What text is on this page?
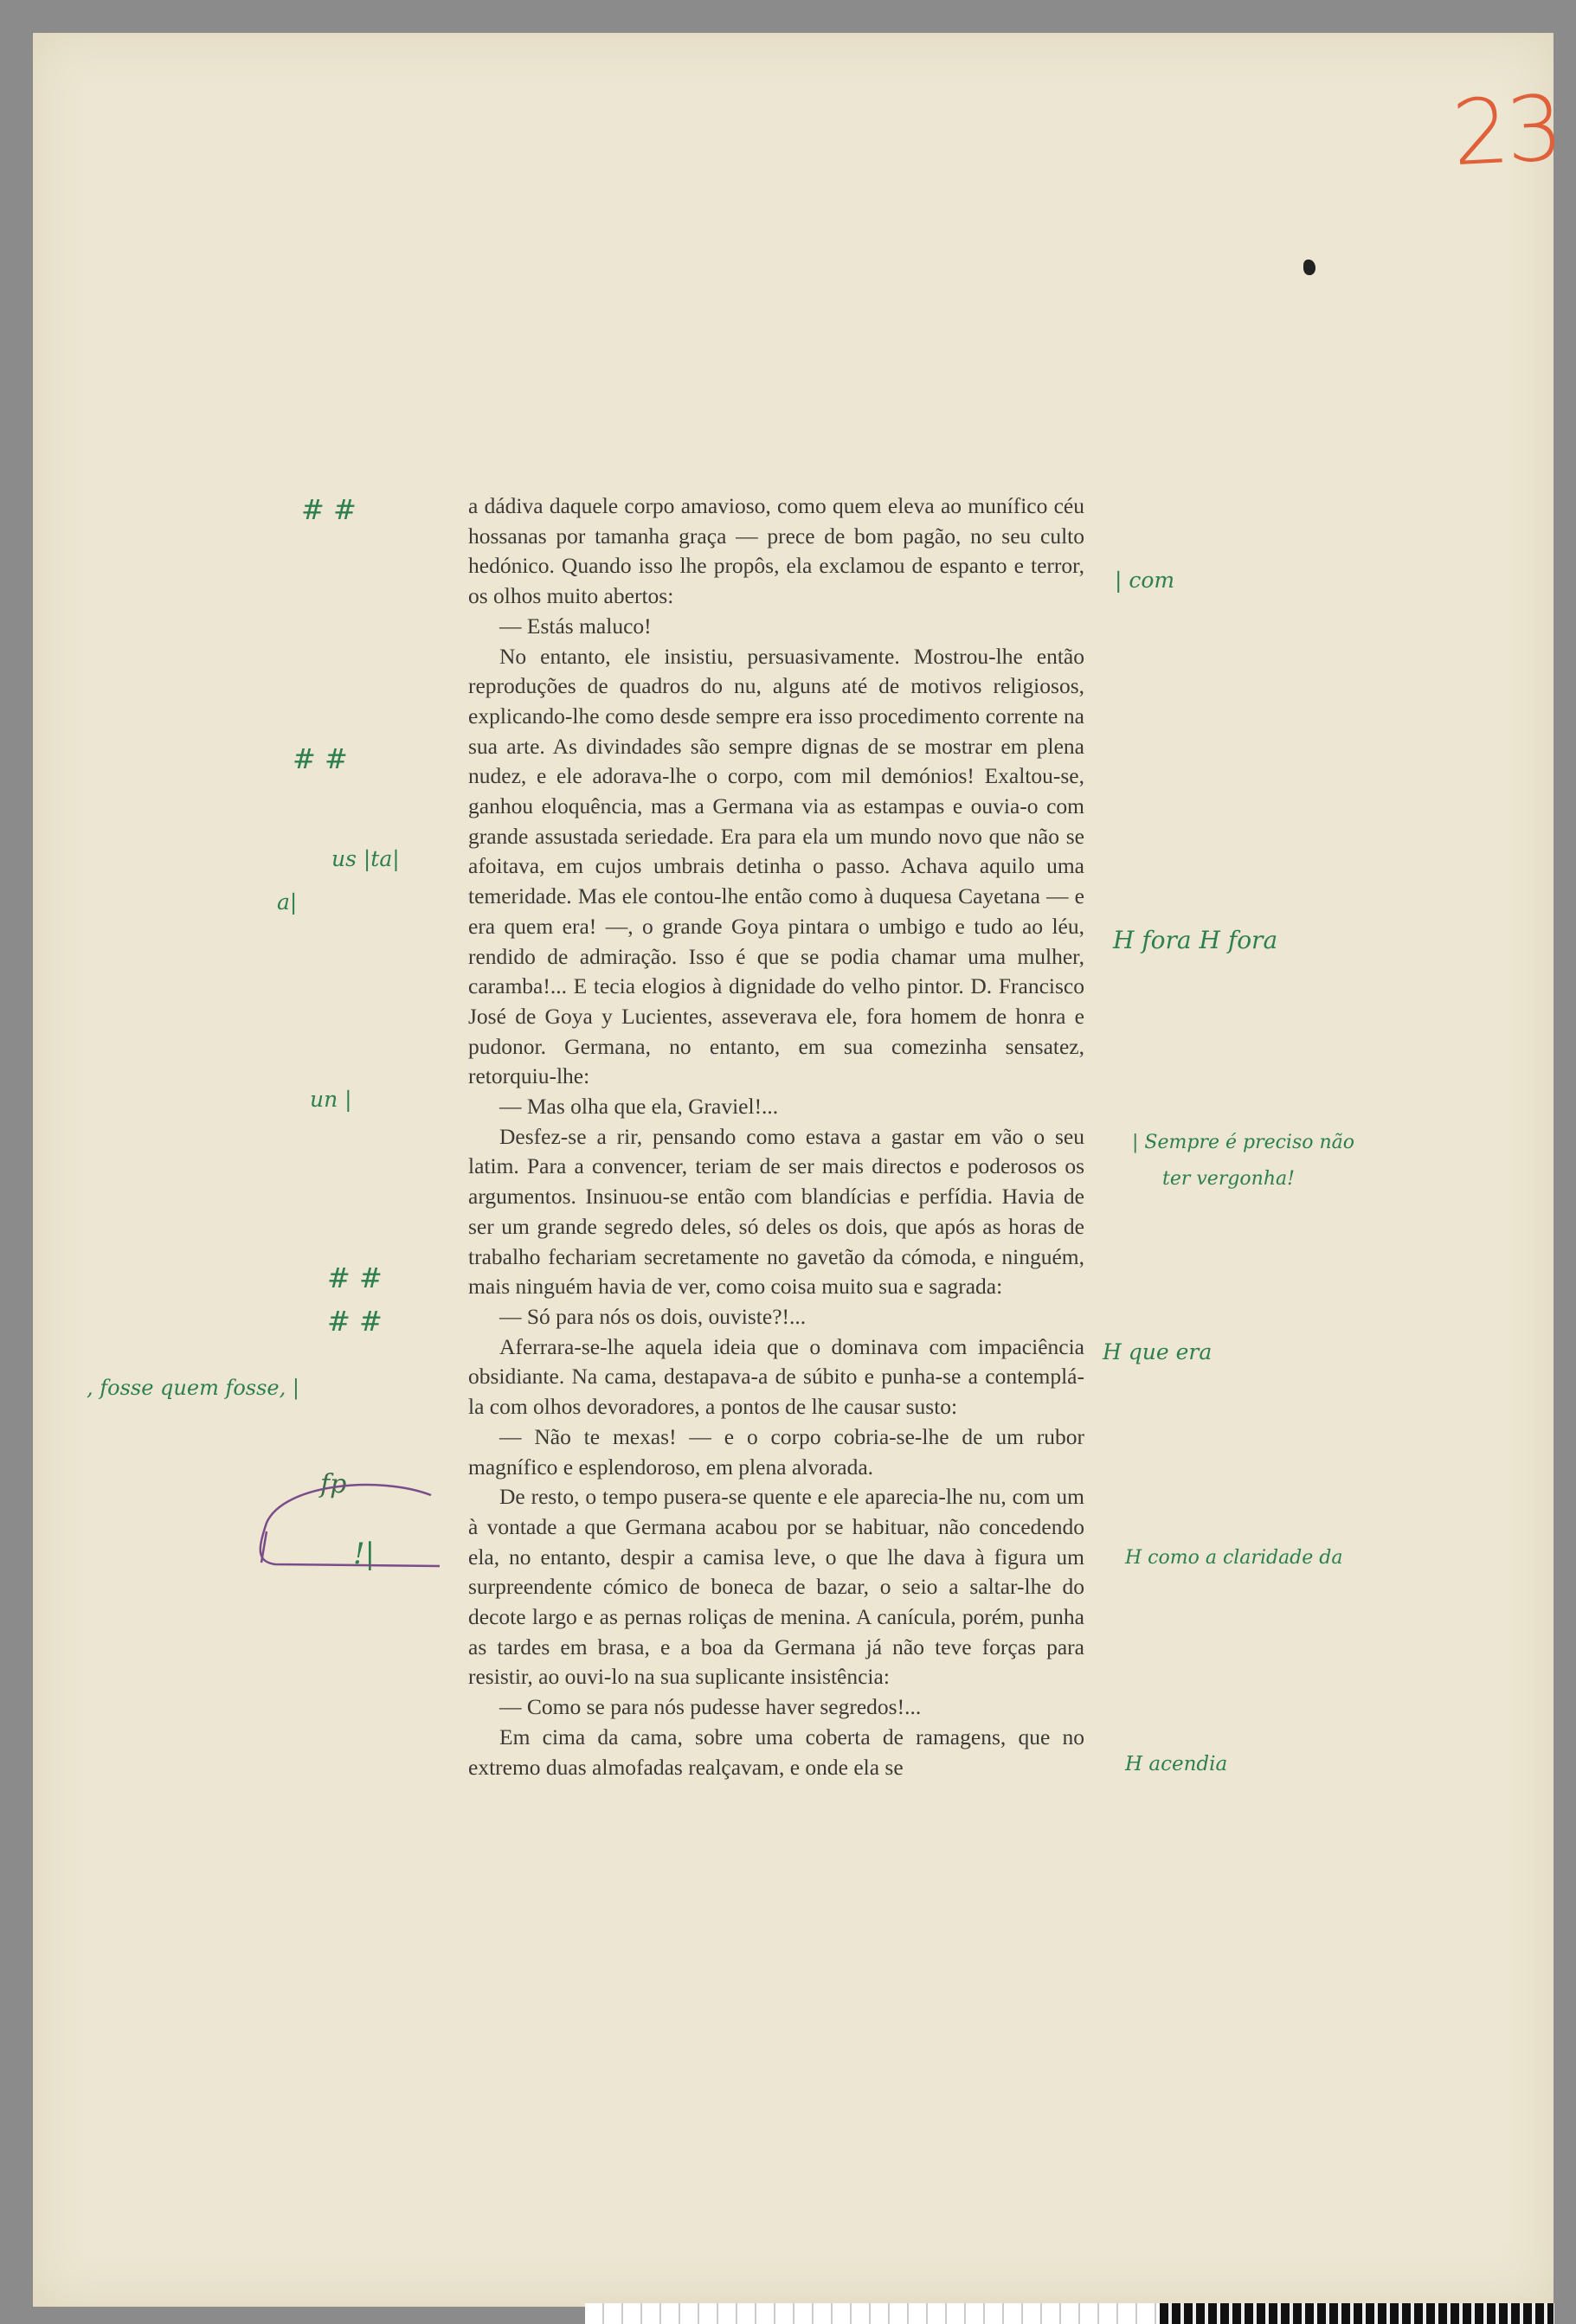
23

a dádiva daquele corpo amavioso, como quem eleva ao munífico céu hossanas por tamanha graça — prece de bom pagão, no seu culto hedónico. Quando isso lhe propôs, ela exclamou de espanto e terror, os olhos muito abertos:

— Estás maluco!

No entanto, ele insistiu, persuasivamente. Mostrou-lhe então reproduções de quadros do nu, alguns até de motivos religiosos, explicando-lhe como desde sempre era isso procedimento corrente na sua arte. As divindades são sempre dignas de se mostrar em plena nudez, e ele adorava-lhe o corpo, com mil demónios! Exaltou-se, ganhou eloquência, mas a Germana via as estampas e ouvia-o com grande assustada seriedade. Era para ela um mundo novo que não se afoitava, em cujos umbrais detinha o passo. Achava aquilo uma temeridade. Mas ele contou-lhe então como à duquesa Cayetana — e era quem era! —, o grande Goya pintara o umbigo e tudo ao léu, rendido de admiração. Isso é que se podia chamar uma mulher, caramba!... E tecia elogios à dignidade do velho pintor. D. Francisco José de Goya y Lucientes, asseverava ele, fora homem de honra e pudonor. Germana, no entanto, em sua comezinha sensatez, retorquiu-lhe:

— Mas olha que ela, Graviel!...

Desfez-se a rir, pensando como estava a gastar em vão o seu latim. Para a convencer, teriam de ser mais directos e poderosos os argumentos. Insinuou-se então com blandícias e perfídia. Havia de ser um grande segredo deles, só deles os dois, que após as horas de trabalho fechariam secretamente no gavetão da cómoda, e ninguém, mais ninguém havia de ver, como coisa muito sua e sagrada:

— Só para nós os dois, ouviste?!...

Aferrara-se-lhe aquela ideia que o dominava com impaciência obsidiante. Na cama, destapava-a de súbito e punha-se a contemplá-la com olhos devoradores, a pontos de lhe causar susto:

— Não te mexas! — e o corpo cobria-se-lhe de um rubor magnífico e esplendoroso, em plena alvorada.

De resto, o tempo pusera-se quente e ele aparecia-lhe nu, com um à vontade a que Germana acabou por se habituar, não concedendo ela, no entanto, despir a camisa leve, o que lhe dava à figura um surpreendente cómico de boneca de bazar, o seio a saltar-lhe do decote largo e as pernas roliças de menina. A canícula, porém, punha as tardes em brasa, e a boa da Germana já não teve forças para resistir, ao ouvi-lo na sua suplicante insistência:

— Como se para nós pudesse haver segredos!...

Em cima da cama, sobre uma coberta de ramagens, que no extremo duas almofadas realçavam, e onde ela se

# #
| com
# #
us |ta|
a|
H fora H fora
un |
| Sempre é preciso não
ter vergonha!
# #
# #
, fosse quem fosse, |
H que era
fp
!|	H como a claridade da
H acendia
